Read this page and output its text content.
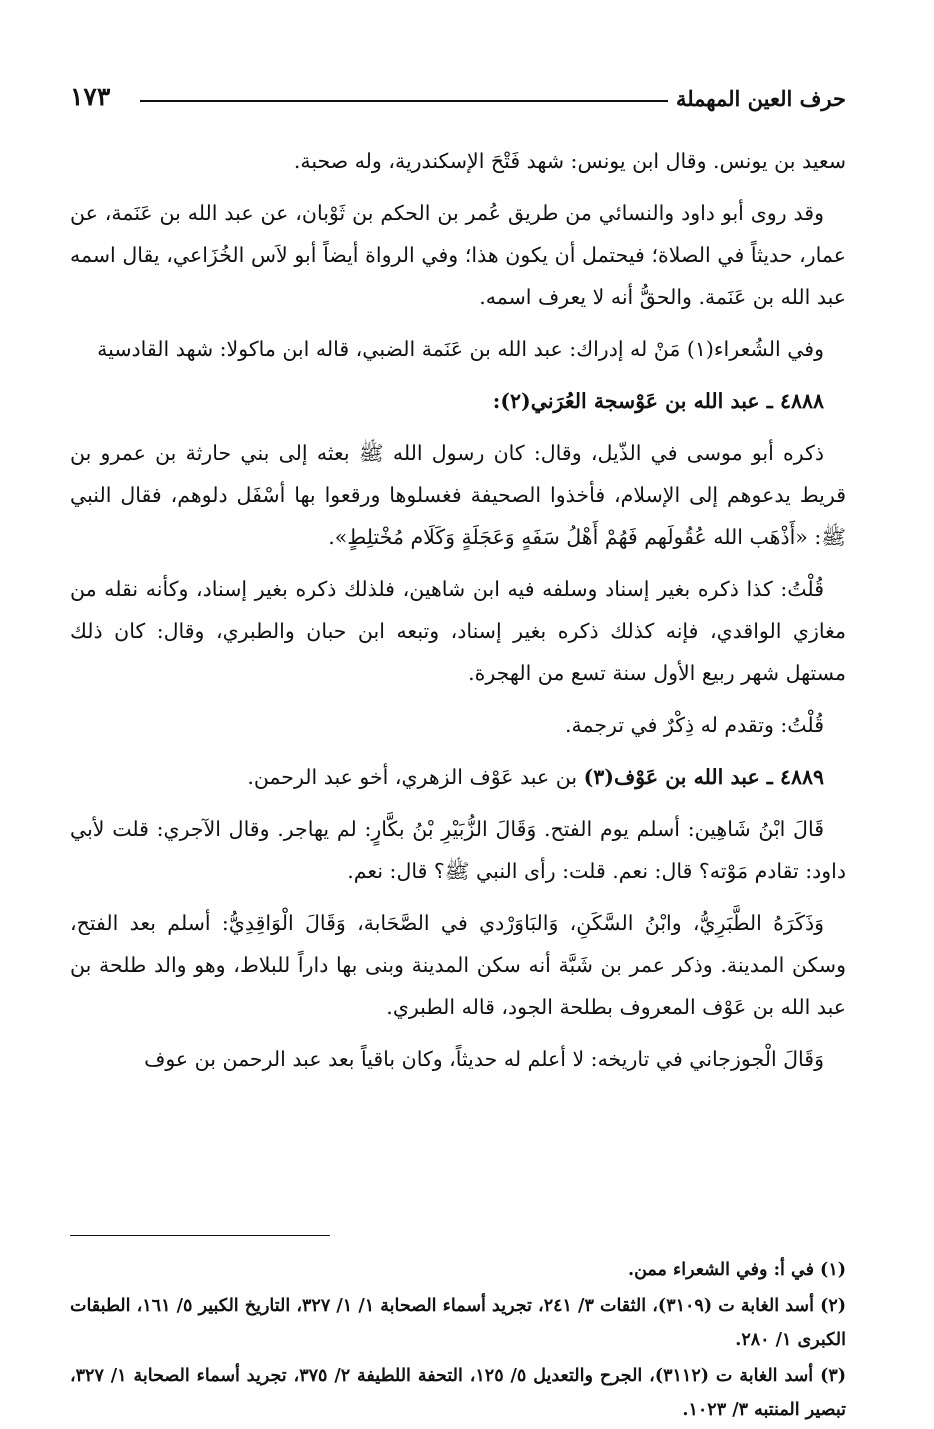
حرف العين المهملة
١٧٣

سعيد بن يونس. وقال ابن يونس: شهد فَتْحَ الإسكندرية، وله صحبة.

وقد روى أبو داود والنسائي من طريق عُمر بن الحكم بن ثَوْبان، عن عبد الله بن عَنَمة، عن عمار، حديثاً في الصلاة؛ فيحتمل أن يكون هذا؛ وفي الرواة أيضاً أبو لاَس الخُزَاعي، يقال اسمه عبد الله بن عَنَمة. والحقُّ أنه لا يعرف اسمه.

وفي الشُعراء(١) مَنْ له إدراك: عبد الله بن عَنَمة الضبي، قاله ابن ماكولا: شهد القادسية

٤٨٨٨ ـ عبد الله بن عَوْسجة العُرَني(٢):

ذكره أبو موسى في الذّيل، وقال: كان رسول الله ﷺ بعثه إلى بني حارثة بن عمرو بن قريط يدعوهم إلى الإسلام، فأخذوا الصحيفة فغسلوها ورقعوا بها أسْفَل دلوهم، فقال النبي ﷺ: «أَذْهَب الله عُقُولَهم فَهُمْ أَهْلُ سَفَهٍ وَعَجَلَةٍ وَكَلَام مُخْتلِطٍ».

قُلْتُ: كذا ذكره بغير إسناد وسلفه فيه ابن شاهين، فلذلك ذكره بغير إسناد، وكأنه نقله من مغازي الواقدي، فإنه كذلك ذكره بغير إسناد، وتبعه ابن حبان والطبري، وقال: كان ذلك مستهل شهر ربيع الأول سنة تسع من الهجرة.

قُلْتُ: وتقدم له ذِكْرٌ في ترجمة.

٤٨٨٩ ـ عبد الله بن عَوْف(٣) بن عبد عَوْف الزهري، أخو عبد الرحمن.

قَالَ ابْنُ شَاهِين: أسلم يوم الفتح. وَقَالَ الزُّبَيْرِ بْنُ بكَّارٍ: لم يهاجر. وقال الآجري: قلت لأبي داود: تقادم مَوْته؟ قال: نعم. قلت: رأى النبي ﷺ؟ قال: نعم.

وَذَكَرَهُ الطَّبَرِيُّ، وابْنُ السَّكَنِ، وَالبَاوَرْدي في الصَّحَابة، وَقَالَ الْوَاقِدِيُّ: أسلم بعد الفتح، وسكن المدينة. وذكر عمر بن شَبَّة أنه سكن المدينة وبنى بها داراً للبلاط، وهو والد طلحة بن عبد الله بن عَوْف المعروف بطلحة الجود، قاله الطبري.

وَقَالَ الْجوزجاني في تاريخه: لا أعلم له حديثاً، وكان باقياً بعد عبد الرحمن بن عوف

(١) في أ: وفي الشعراء ممن.

(٢) أسد الغابة ت (٣١٠٩)، الثقات ٣/ ٢٤١، تجريد أسماء الصحابة ١/ ١/ ٣٢٧، التاريخ الكبير ٥/ ١٦١، الطبقات الكبرى ١/ ٢٨٠.

(٣) أسد الغابة ت (٣١١٢)، الجرح والتعديل ٥/ ١٢٥، التحفة اللطيفة ٢/ ٣٧٥، تجريد أسماء الصحابة ١/ ٣٢٧، تبصير المنتبه ٣/ ١٠٢٣.
